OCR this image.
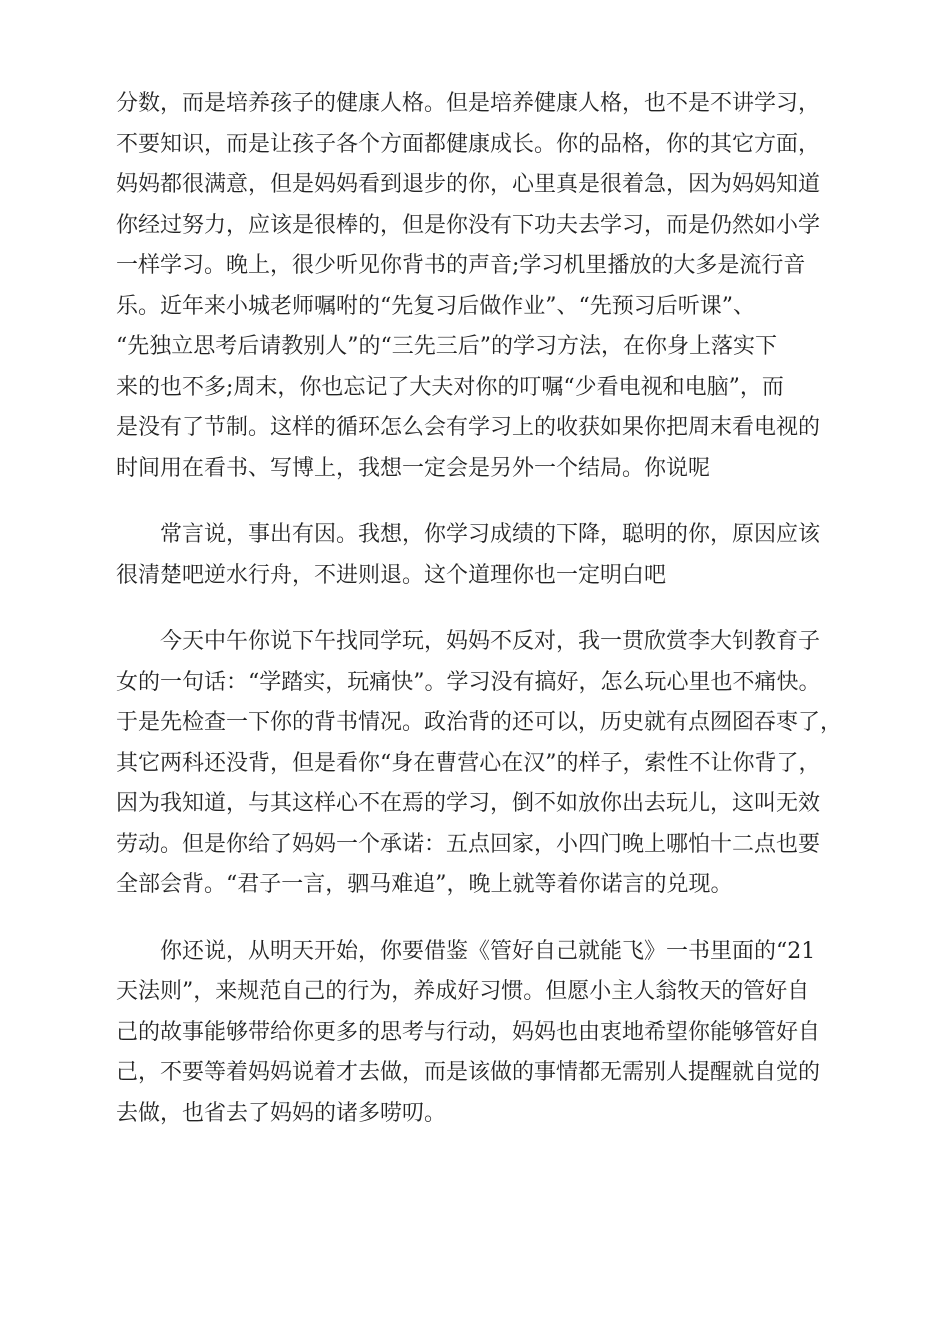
分数，而是培养孩子的健康人格。但是培养健康人格，也不是不讲学习，
不要知识，而是让孩子各个方面都健康成长。你的品格，你的其它方面，
妈妈都很满意，但是妈妈看到退步的你，心里真是很着急，因为妈妈知道
你经过努力，应该是很棒的，但是你没有下功夫去学习，而是仍然如小学
一样学习。晚上，很少听见你背书的声音;学习机里播放的大多是流行音
乐。近年来小城老师嘱咐的“先复习后做作业”、“先预习后听课”、
“先独立思考后请教别人”的“三先三后”的学习方法，在你身上落实下
来的也不多;周末，你也忘记了大夫对你的叮嘱“少看电视和电脑”，而
是没有了节制。这样的循环怎么会有学习上的收获如果你把周末看电视的
时间用在看书、写博上，我想一定会是另外一个结局。你说呢

　　常言说，事出有因。我想，你学习成绩的下降，聪明的你，原因应该
很清楚吧逆水行舟，不进则退。这个道理你也一定明白吧

　　今天中午你说下午找同学玩，妈妈不反对，我一贯欣赏李大钊教育子
女的一句话：“学踏实，玩痛快”。学习没有搞好，怎么玩心里也不痛快。
于是先检查一下你的背书情况。政治背的还可以，历史就有点囫囵吞枣了，
其它两科还没背，但是看你“身在曹营心在汉”的样子，索性不让你背了，
因为我知道，与其这样心不在焉的学习，倒不如放你出去玩儿，这叫无效
劳动。但是你给了妈妈一个承诺：五点回家，小四门晚上哪怕十二点也要
全部会背。“君子一言，驷马难追”，晚上就等着你诺言的兑现。

　　你还说，从明天开始，你要借鉴《管好自己就能飞》一书里面的“21
天法则”，来规范自己的行为，养成好习惯。但愿小主人翁牧天的管好自
己的故事能够带给你更多的思考与行动，妈妈也由衷地希望你能够管好自
己，不要等着妈妈说着才去做，而是该做的事情都无需别人提醒就自觉的
去做，也省去了妈妈的诸多唠叨。
